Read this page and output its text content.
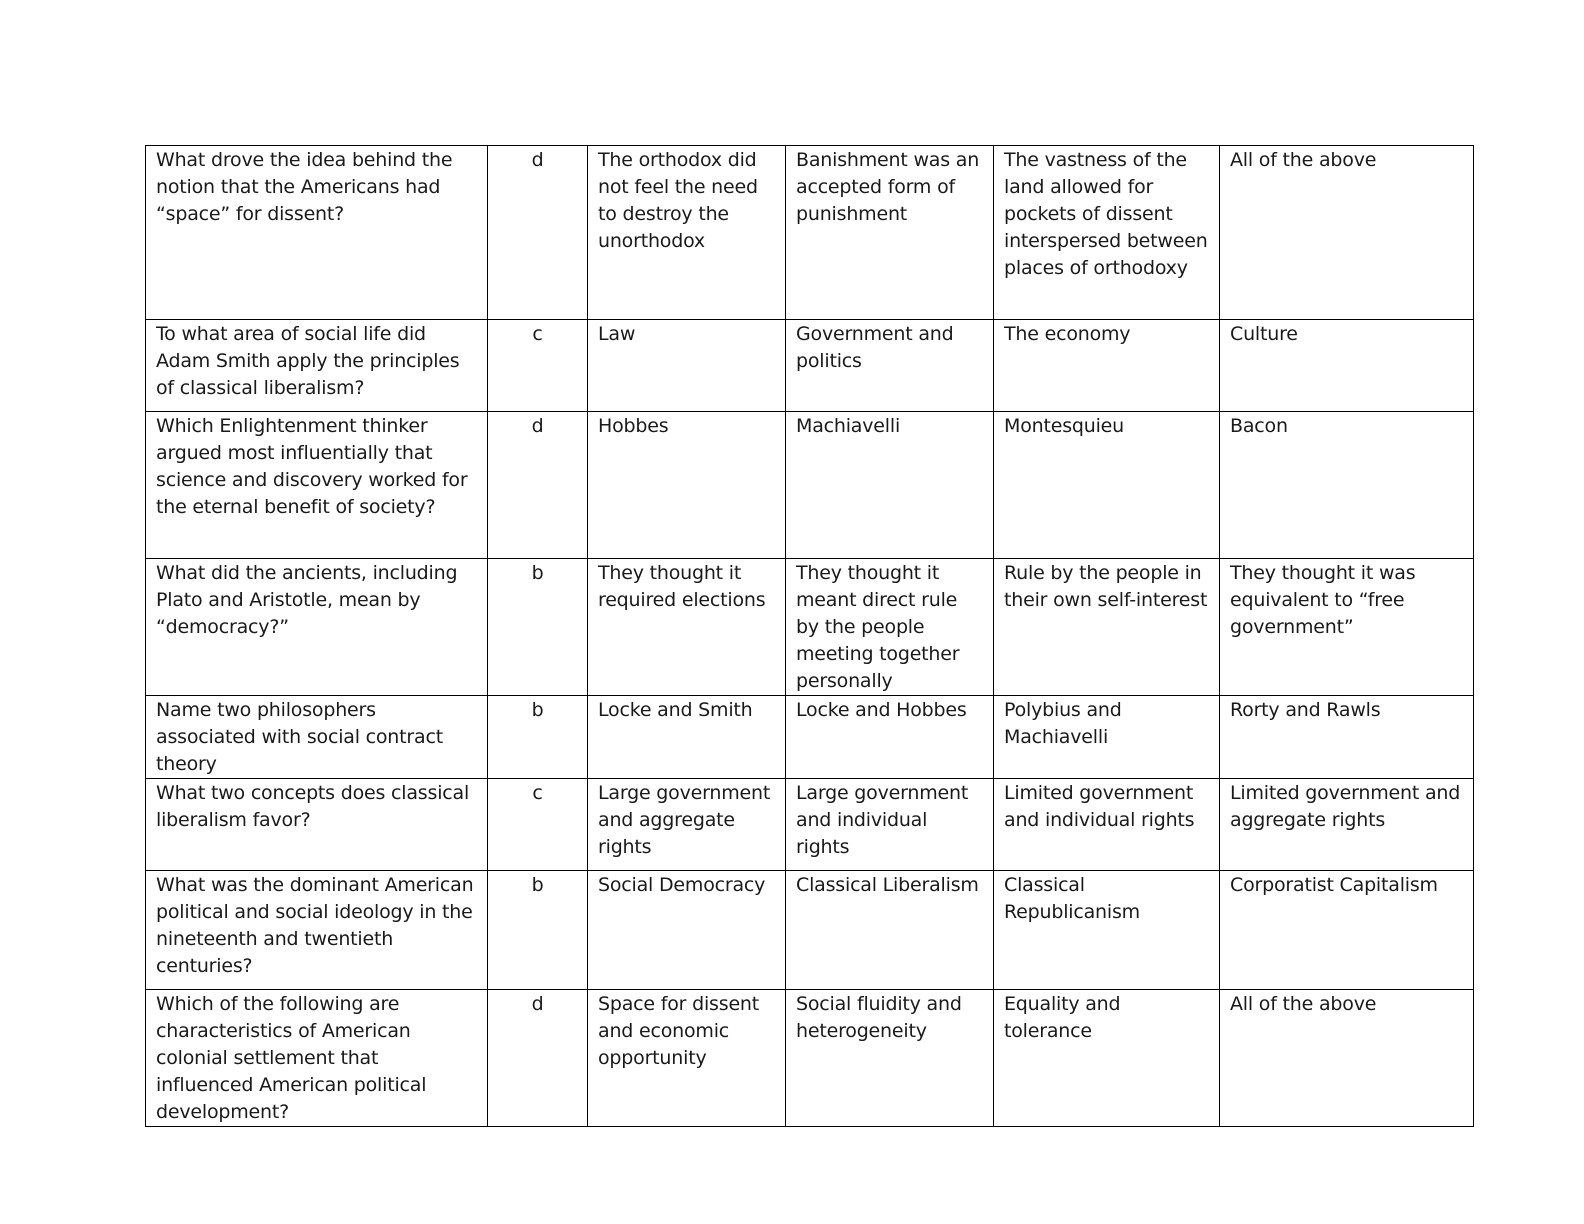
What drove the idea behind the notion that the Americans had “space” for dissent?	d	The orthodox did not feel the need to destroy the unorthodox	Banishment was an accepted form of punishment	The vastness of the land allowed for pockets of dissent interspersed between places of orthodoxy	All of the above
To what area of social life did Adam Smith apply the principles of classical liberalism?	c	Law	Government and politics	The economy	Culture
Which Enlightenment thinker argued most influentially that science and discovery worked for the eternal benefit of society?	d	Hobbes	Machiavelli	Montesquieu	Bacon
What did the ancients, including Plato and Aristotle, mean by “democracy?”	b	They thought it required elections	They thought it meant direct rule by the people meeting together personally	Rule by the people in their own self-interest	They thought it was equivalent to “free government”
Name two philosophers associated with social contract theory	b	Locke and Smith	Locke and Hobbes	Polybius and Machiavelli	Rorty and Rawls
What two concepts does classical liberalism favor?	c	Large government and aggregate rights	Large government and individual rights	Limited government and individual rights	Limited government and aggregate rights
What was the dominant American political and social ideology in the nineteenth and twentieth centuries?	b	Social Democracy	Classical Liberalism	Classical Republicanism	Corporatist Capitalism
Which of the following are characteristics of American colonial settlement that influenced American political development?	d	Space for dissent and economic opportunity	Social fluidity and heterogeneity	Equality and tolerance	All of the above
